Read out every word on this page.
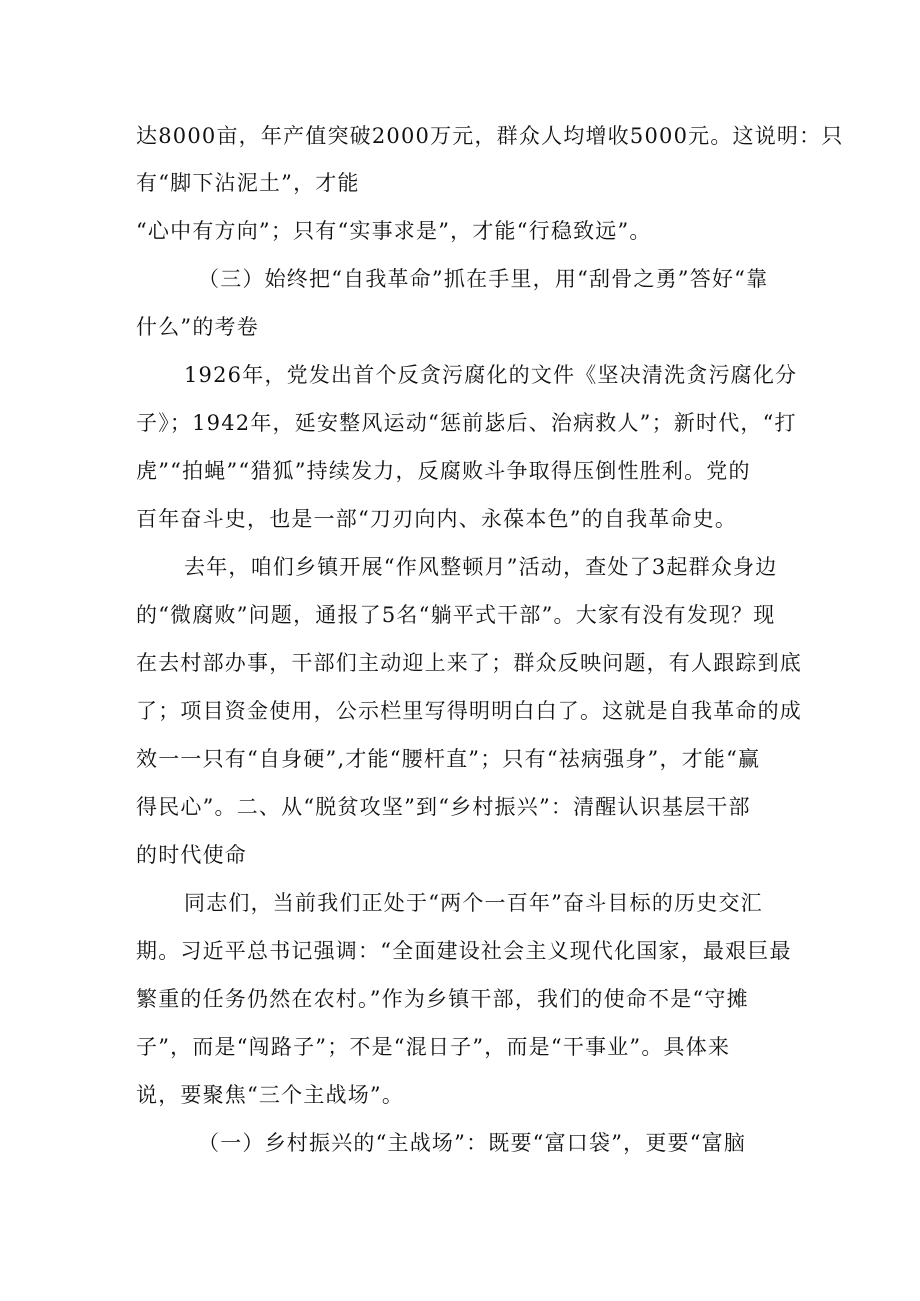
达8000亩，年产值突破2000万元，群众人均增收5000元。这说明：只
有“脚下沾泥土”，才能
“心中有方向”；只有“实事求是”，才能“行稳致远”。
（三）始终把“自我革命”抓在手里，用“刮骨之勇”答好“靠
什么”的考卷
1926年，党发出首个反贪污腐化的文件《坚决清洗贪污腐化分
子》；1942年，延安整风运动“惩前毖后、治病救人”；新时代，“打
虎”“拍蝇”“猎狐”持续发力，反腐败斗争取得压倒性胜利。党的
百年奋斗史，也是一部“刀刃向内、永葆本色”的自我革命史。
去年，咱们乡镇开展“作风整顿月”活动，查处了3起群众身边
的“微腐败”问题，通报了5名“躺平式干部”。大家有没有发现？现
在去村部办事，干部们主动迎上来了；群众反映问题，有人跟踪到底
了；项目资金使用，公示栏里写得明明白白了。这就是自我革命的成
效一一只有“自身硬”,才能“腰杆直”；只有“祛病强身”，才能“赢
得民心”。二、从“脱贫攻坚”到“乡村振兴”：清醒认识基层干部
的时代使命
同志们，当前我们正处于“两个一百年”奋斗目标的历史交汇
期。习近平总书记强调：“全面建设社会主义现代化国家，最艰巨最
繁重的任务仍然在农村。”作为乡镇干部，我们的使命不是“守摊
子”，而是“闯路子”；不是“混日子”，而是“干事业”。具体来
说，要聚焦“三个主战场”。
（一）乡村振兴的“主战场”：既要“富口袋”，更要“富脑
